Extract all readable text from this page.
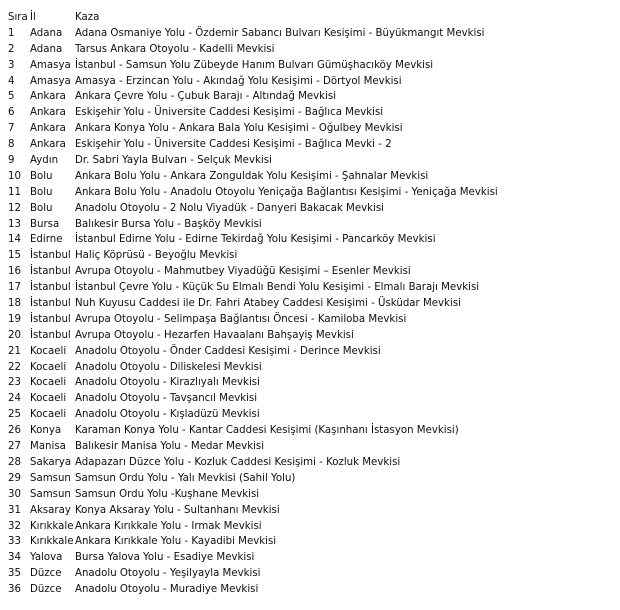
Sıra İl	Kaza
1 Adana Adana Osmaniye Yolu - Özdemir Sabancı Bulvarı Kesişimi - Büyükmangıt Mevkisi
2 Adana Tarsus Ankara Otoyolu - Kadelli Mevkisi
3 Amasya İstanbul - Samsun Yolu Zübeyde Hanım Bulvarı Gümüşhacıköy Mevkisi
4 Amasya Amasya - Erzincan Yolu - Akındağ Yolu Kesişimi - Dörtyol Mevkisi
5 Ankara Ankara Çevre Yolu - Çubuk Barajı - Altındağ Mevkisi
6 Ankara Eskişehir Yolu - Üniversite Caddesi Kesişimi - Bağlıca Mevkisi
7 Ankara Ankara Konya Yolu - Ankara Bala Yolu Kesişimi - Oğulbey Mevkisi
8 Ankara Eskişehir Yolu - Üniversite Caddesi Kesişimi - Bağlıca Mevki - 2
9 Aydın Dr. Sabri Yayla Bulvarı - Selçuk Mevkisi
10 Bolu Ankara Bolu Yolu - Ankara Zonguldak Yolu Kesişimi - Şahnalar Mevkisi
11 Bolu Ankara Bolu Yolu - Anadolu Otoyolu Yeniçağa Bağlantısı Kesişimi - Yeniçağa Mevkisi
12 Bolu Anadolu Otoyolu - 2 Nolu Viyadük - Danyeri Bakacak Mevkisi
13 Bursa Balıkesir Bursa Yolu - Başköy Mevkisi
14 Edirne İstanbul Edirne Yolu - Edirne Tekirdağ Yolu Kesişimi - Pancarköy Mevkisi
15 İstanbul Haliç Köprüsü - Beyoğlu Mevkisi
16 İstanbul Avrupa Otoyolu - Mahmutbey Viyadüğü Kesişimi – Esenler Mevkisi
17 İstanbul İstanbul Çevre Yolu - Küçük Su Elmalı Bendi Yolu Kesişimi - Elmalı Barajı Mevkisi
18 İstanbul Nuh Kuyusu Caddesi ile Dr. Fahri Atabey Caddesi Kesişimi - Üsküdar Mevkisi
19 İstanbul Avrupa Otoyolu - Selimpaşa Bağlantısı Öncesi - Kamiloba Mevkisi
20 İstanbul Avrupa Otoyolu - Hezarfen Havaalanı Bahşayiş Mevkisi
21 Kocaeli Anadolu Otoyolu - Önder Caddesi Kesişimi - Derince Mevkisi
22 Kocaeli Anadolu Otoyolu - Diliskelesi Mevkisi
23 Kocaeli Anadolu Otoyolu - Kirazlıyalı Mevkisi
24 Kocaeli Anadolu Otoyolu - Tavşancıl Mevkisi
25 Kocaeli Anadolu Otoyolu - Kışladüzü Mevkisi
26 Konya Karaman Konya Yolu - Kantar Caddesi Kesişimi (Kaşınhanı İstasyon Mevkisi)
27 Manisa Balıkesir Manisa Yolu - Medar Mevkisi
28 Sakarya Adapazarı Düzce Yolu - Kozluk Caddesi Kesişimi - Kozluk Mevkisi
29 Samsun Samsun Ordu Yolu - Yalı Mevkisi (Sahil Yolu)
30 Samsun Samsun Ordu Yolu -Kuşhane Mevkisi
31 Aksaray Konya Aksaray Yolu - Sultanhanı Mevkisi
32 Kırıkkale Ankara Kırıkkale Yolu - Irmak Mevkisi
33 Kırıkkale Ankara Kırıkkale Yolu - Kayadibi Mevkisi
34 Yalova Bursa Yalova Yolu - Esadiye Mevkisi
35 Düzce Anadolu Otoyolu - Yeşilyayla Mevkisi
36 Düzce Anadolu Otoyolu - Muradiye Mevkisi
